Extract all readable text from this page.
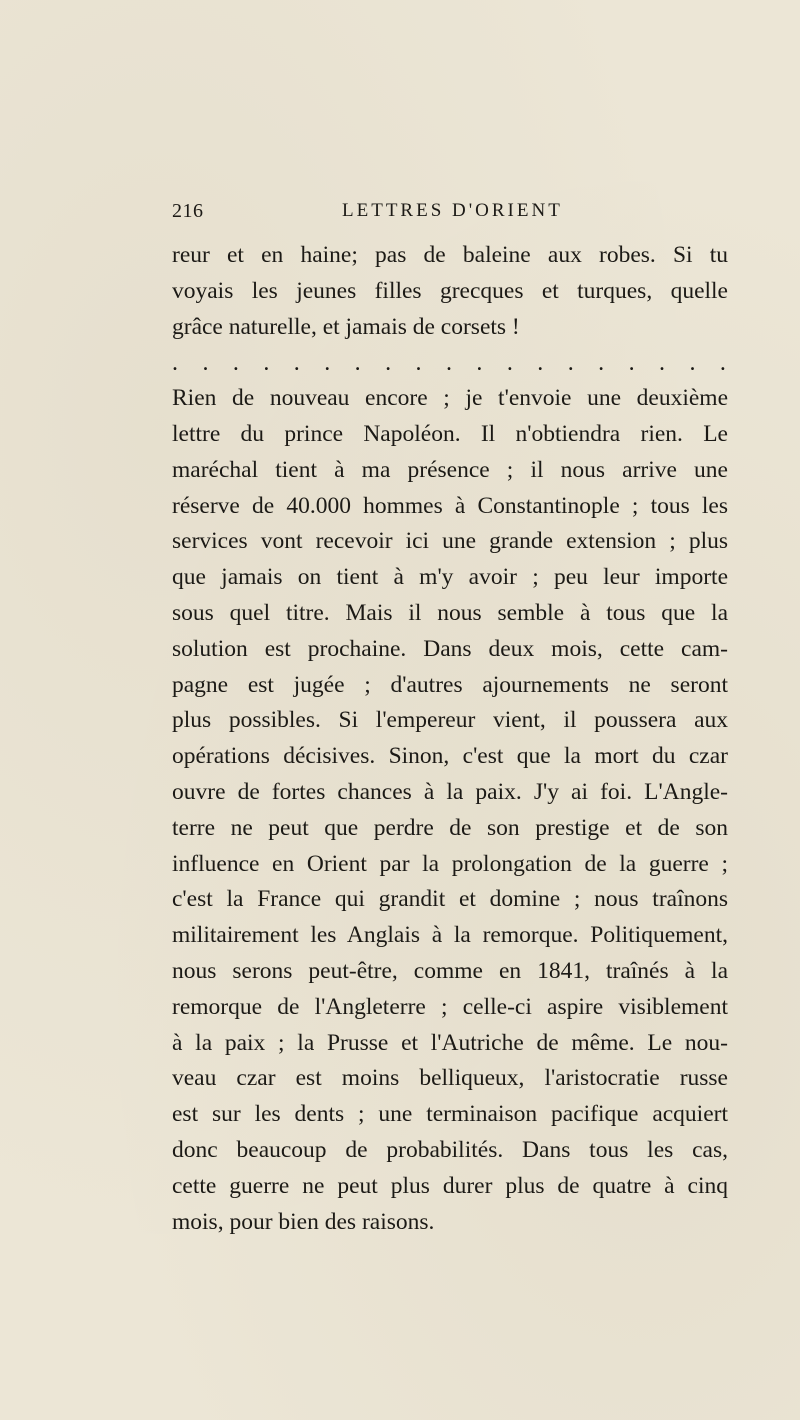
216	LETTRES D'ORIENT
reur et en haine; pas de baleine aux robes. Si tu
voyais les jeunes filles grecques et turques, quelle
grâce naturelle, et jamais de corsets !
. . . . . . . . . . . . . . . . . . .
Rien de nouveau encore ; je t'envoie une deuxième
lettre du prince Napoléon. Il n'obtiendra rien. Le
maréchal tient à ma présence ; il nous arrive une
réserve de 40.000 hommes à Constantinople ; tous les
services vont recevoir ici une grande extension ; plus
que jamais on tient à m'y avoir ; peu leur importe
sous quel titre. Mais il nous semble à tous que la
solution est prochaine. Dans deux mois, cette cam-
pagne est jugée ; d'autres ajournements ne seront
plus possibles. Si l'empereur vient, il poussera aux
opérations décisives. Sinon, c'est que la mort du czar
ouvre de fortes chances à la paix. J'y ai foi. L'Angle-
terre ne peut que perdre de son prestige et de son
influence en Orient par la prolongation de la guerre ;
c'est la France qui grandit et domine ; nous traînons
militairement les Anglais à la remorque. Politiquement,
nous serons peut-être, comme en 1841, traînés à la
remorque de l'Angleterre ; celle-ci aspire visiblement
à la paix ; la Prusse et l'Autriche de même. Le nou-
veau czar est moins belliqueux, l'aristocratie russe
est sur les dents ; une terminaison pacifique acquiert
donc beaucoup de probabilités. Dans tous les cas,
cette guerre ne peut plus durer plus de quatre à cinq
mois, pour bien des raisons.
